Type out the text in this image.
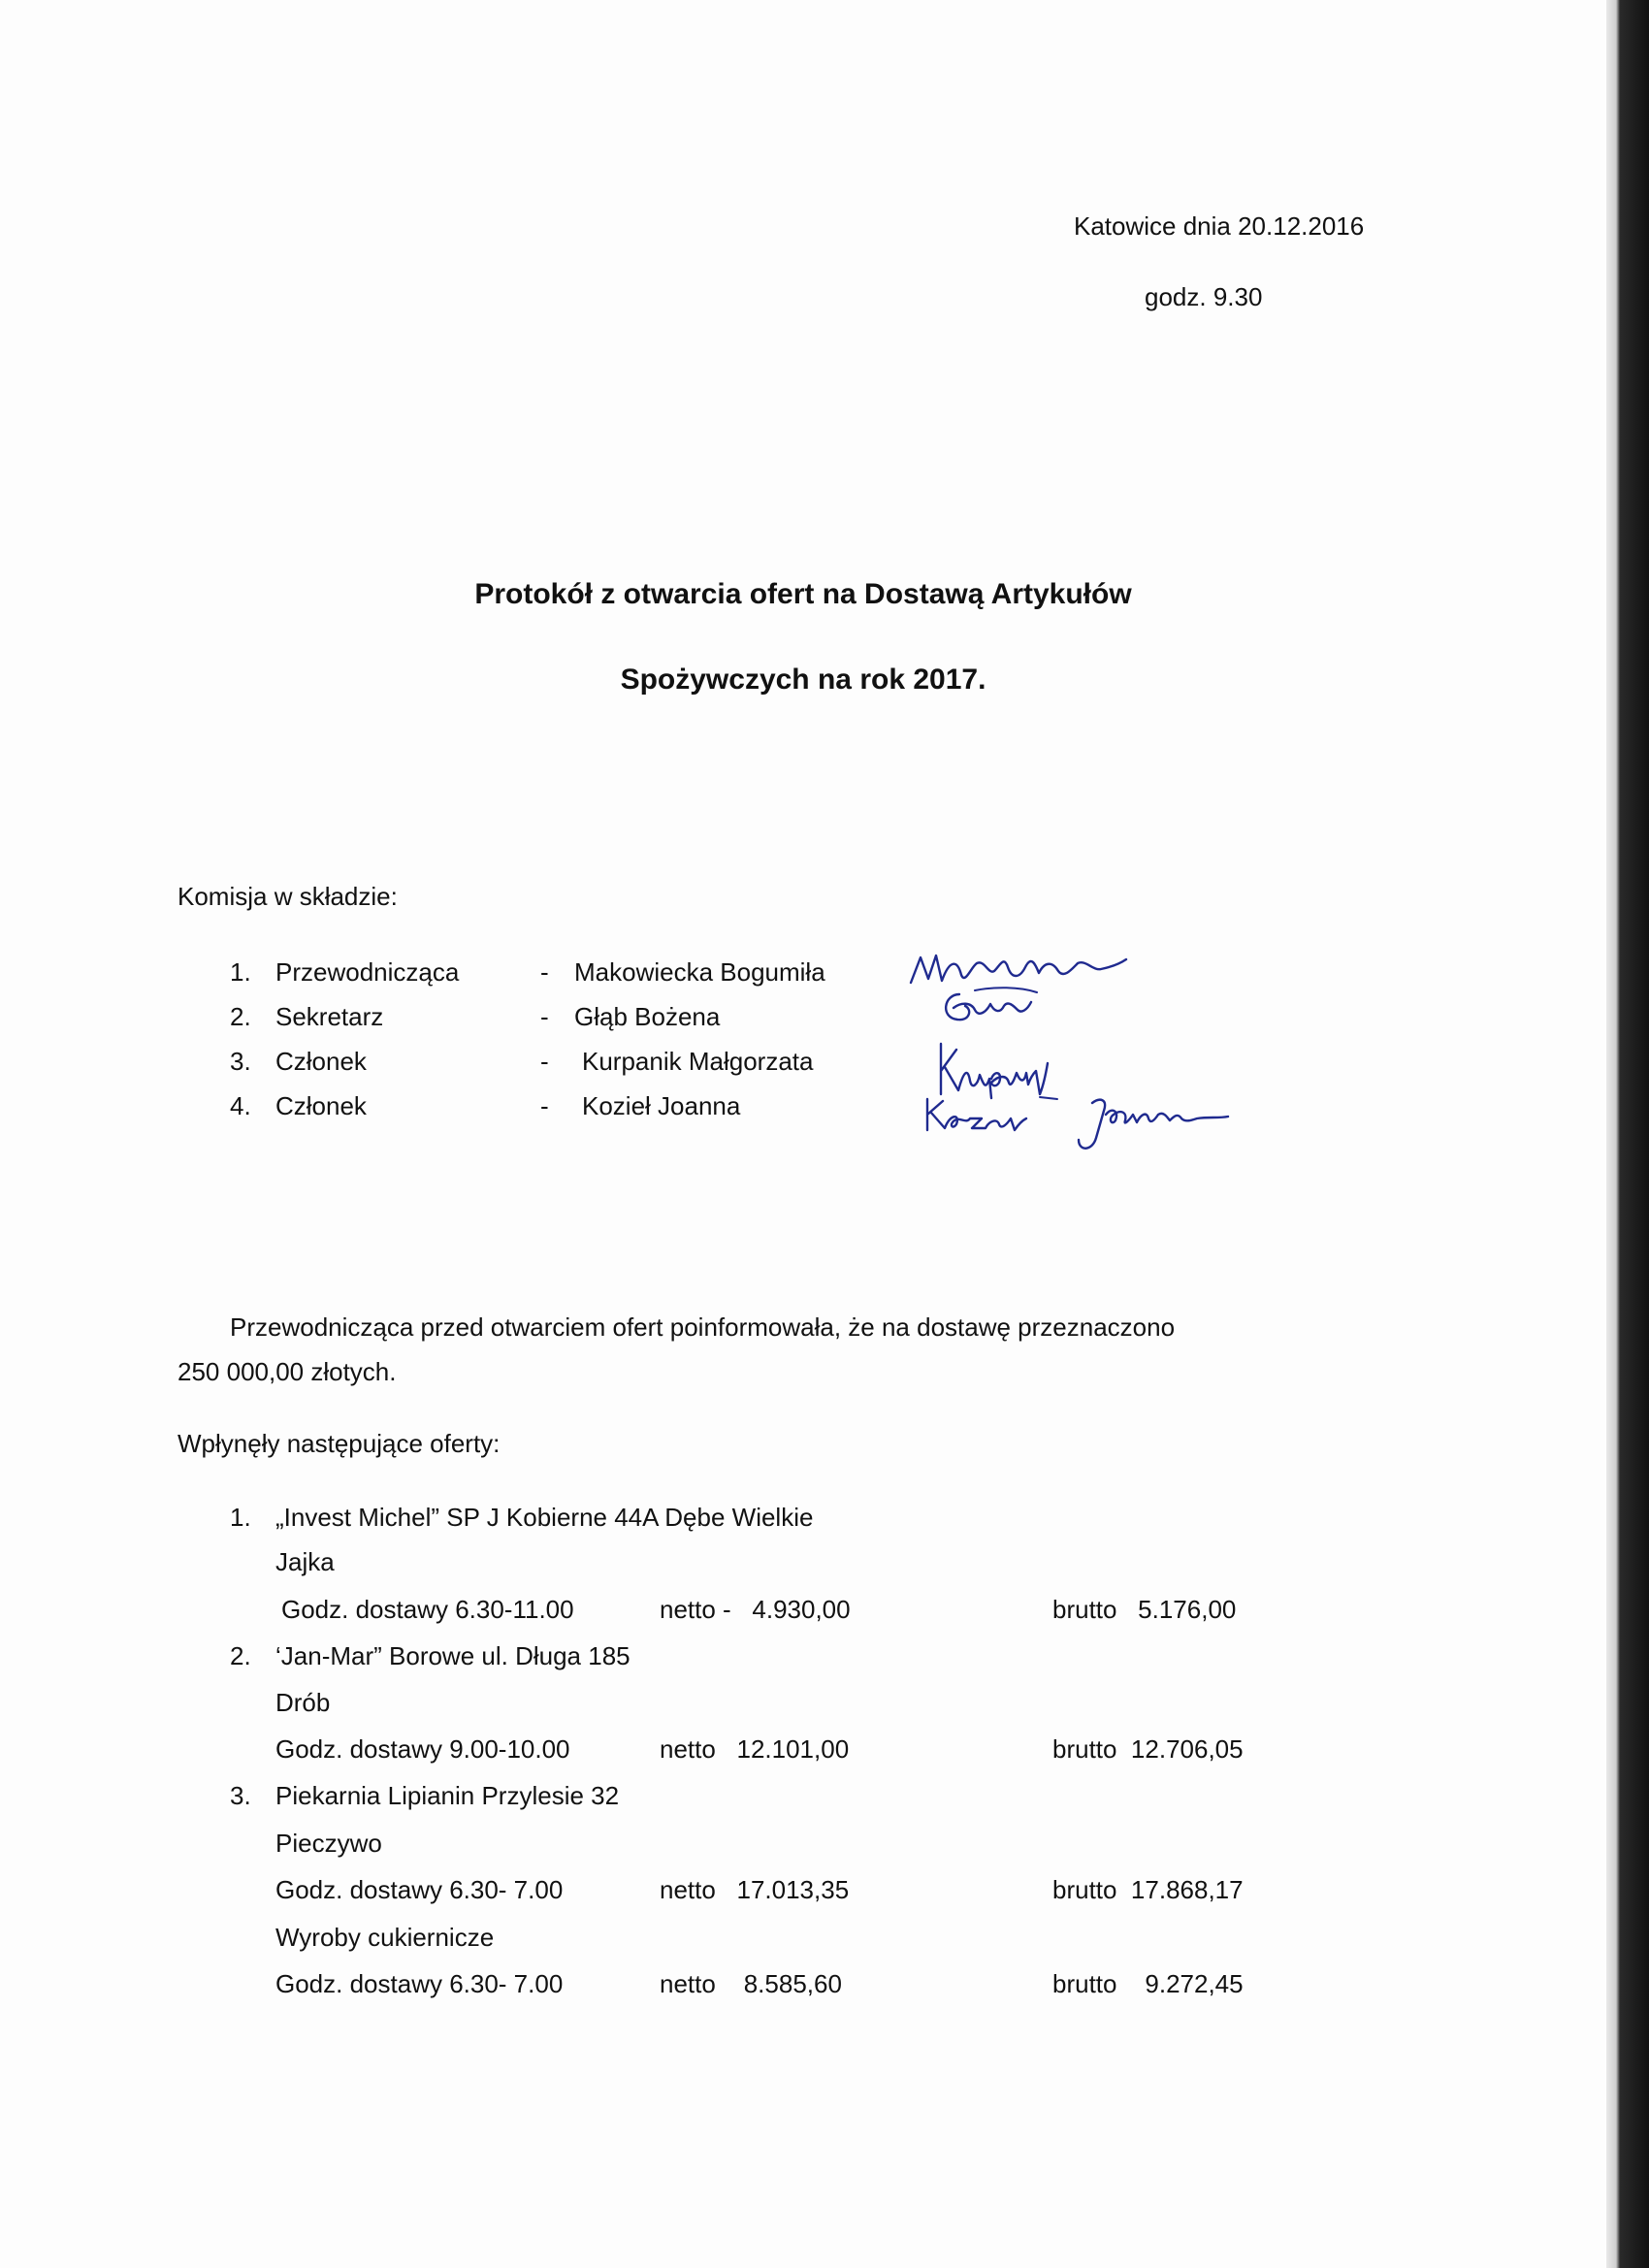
Katowice dnia 20.12.2016
godz. 9.30
Protokół z otwarcia ofert na Dostawą Artykułów
Spożywczych na rok 2017.
Komisja w składzie:
1. Przewodnicząca	- Makowiecka Bogumiła
2. Sekretarz	- Głąb Bożena
3. Członek	- Kurpanik Małgorzata
4. Członek	- Kozieł Joanna
Przewodnicząca przed otwarciem ofert poinformowała, że na dostawę przeznaczono
250 000,00 złotych.
Wpłynęły następujące oferty:
1. „Invest Michel” SP J Kobierne 44A Dębe Wielkie
Jajka
Godz. dostawy 6.30-11.00	netto -   4.930,00	brutto   5.176,00
2. ‘Jan-Mar” Borowe ul. Długa 185
Drób
Godz. dostawy 9.00-10.00	netto   12.101,00	brutto  12.706,05
3. Piekarnia Lipianin Przylesie 32
Pieczywo
Godz. dostawy 6.30- 7.00	netto   17.013,35	brutto  17.868,17
Wyroby cukiernicze
Godz. dostawy 6.30- 7.00	netto    8.585,60	brutto    9.272,45
